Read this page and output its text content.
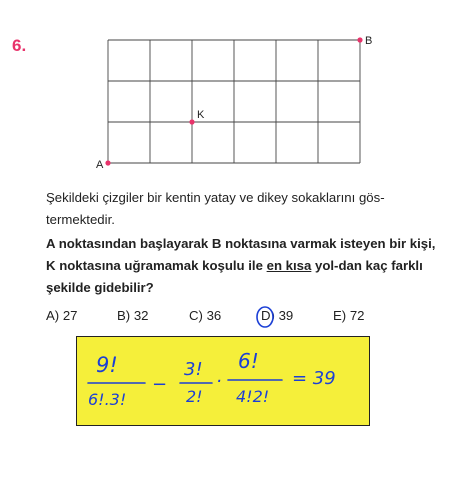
6.
A
B
K
Şekildeki çizgiler bir kentin yatay ve dikey sokaklarını gös-termektedir.
A noktasından başlayarak B noktasına varmak isteyen bir kişi, K noktasına uğramamak koşulu ile en kısa yol-dan kaç farklı şekilde gidebilir?
A) 27	B) 32	C) 36	D) 39	E) 72
9!
6!.3!
−
3!
2!
·
6!
4!2!
= 39
